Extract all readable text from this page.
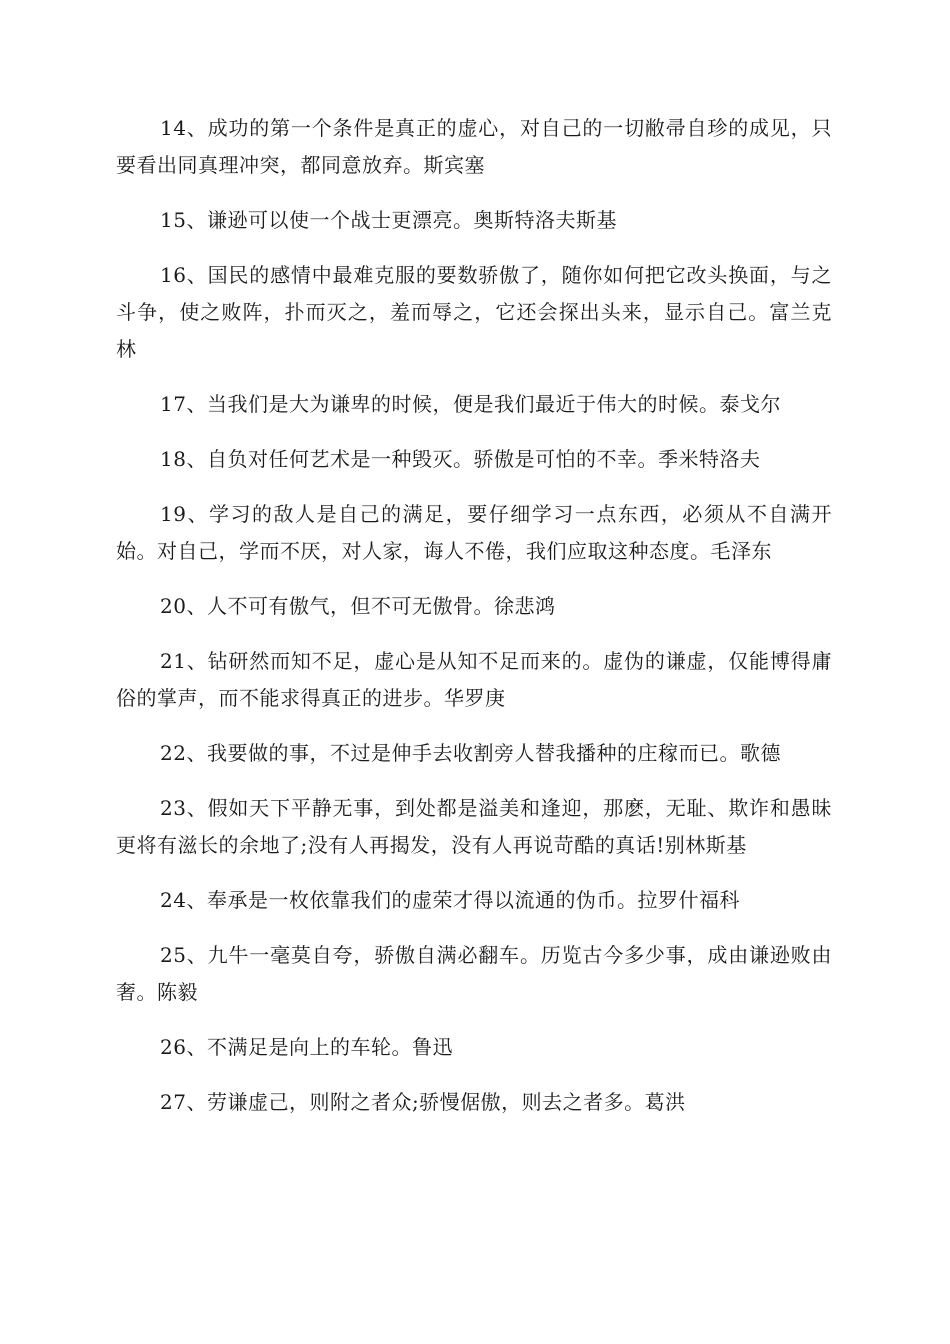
14、成功的第一个条件是真正的虚心，对自己的一切敝帚自珍的成见，只要看出同真理冲突，都同意放弃。斯宾塞

15、谦逊可以使一个战士更漂亮。奥斯特洛夫斯基

16、国民的感情中最难克服的要数骄傲了，随你如何把它改头换面，与之斗争，使之败阵，扑而灭之，羞而辱之，它还会探出头来，显示自己。富兰克林

17、当我们是大为谦卑的时候，便是我们最近于伟大的时候。泰戈尔

18、自负对任何艺术是一种毁灭。骄傲是可怕的不幸。季米特洛夫

19、学习的敌人是自己的满足，要仔细学习一点东西，必须从不自满开始。对自己，学而不厌，对人家，诲人不倦，我们应取这种态度。毛泽东

20、人不可有傲气，但不可无傲骨。徐悲鸿

21、钻研然而知不足，虚心是从知不足而来的。虚伪的谦虚，仅能博得庸俗的掌声，而不能求得真正的进步。华罗庚

22、我要做的事，不过是伸手去收割旁人替我播种的庄稼而已。歌德

23、假如天下平静无事，到处都是溢美和逢迎，那麽，无耻、欺诈和愚昧更将有滋长的余地了;没有人再揭发，没有人再说苛酷的真话!别林斯基

24、奉承是一枚依靠我们的虚荣才得以流通的伪币。拉罗什福科

25、九牛一毫莫自夸，骄傲自满必翻车。历览古今多少事，成由谦逊败由奢。陈毅

26、不满足是向上的车轮。鲁迅

27、劳谦虚己，则附之者众;骄慢倨傲，则去之者多。葛洪
